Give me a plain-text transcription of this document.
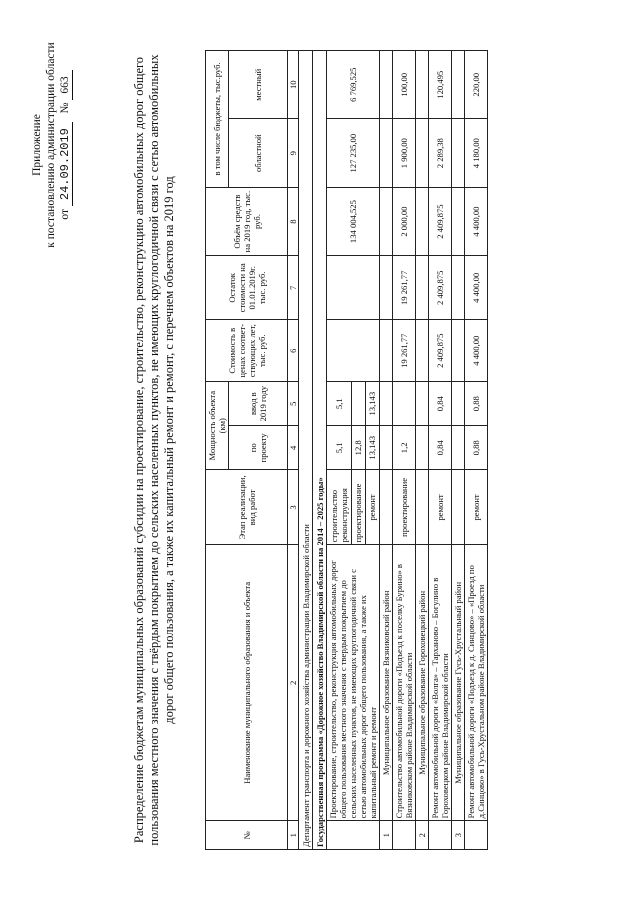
Приложение к постановлению администрации области от 24.09.2019   № 663	Распределение бюджетам муниципальных образований субсидии на проектирование, строительство, реконструкцию автомобильных дорог общего пользования местного значения с твёрдым покрытием до сельских населенных пунктов, не имеющих круглогодичной связи с сетью автомобильных дорог общего пользования, а также их капитальный ремонт и ремонт, с перечнем объектов на 2019 год
№	Наименование муниципального образования и объекта	Этап реализации, вид работ	Мощность объекта (км)		Стоимость в ценах соответ-ствующих лет, тыс. руб.	Остаток стоимости на 01.01.2019г. тыс. руб.	Объём средств на 2019 год, тыс. руб.	в том числе бюджеты, тыс.руб.	
			по проекту	ввод в 2019 году				областной	местный
1	2	3	4	5	6	7	8	9	10
Департамент транспорта и дорожного хозяйства администрации Владимирской области									
Государственная программа «Дорожное хозяйство Владимирской области на 2014 – 2025 годы»									
	Проектирование, строительство, реконструкция автомобильных дорог общего пользования местного значения с твердым покрытием до сельских населенных пунктов, не имеющих круглогодичной связи с сетью автомобильных дорог общего пользования, а также их капитальный ремонт и ремонт	строительство реконструкция	5,1	5,1			134 004,525	127 235,00	6 769,525
		проектирование	12,8						
		ремонт	13,143	13,143					
1	Муниципальное образование Вязниковский район								
	Строительство автомобильной дороги «Подъезд к поселку Бурино» в Вязниковском районе Владимирской области	проектирование	1,2		19 261,77	19 261,77	2 000,00	1 900,00	100,00
2	Муниципальное образование Гороховецкий район								
	Ремонт автомобильной дороги «Волга» – Тарханово – Богулино в Гороховецком районе Владимирской области	ремонт	0,84	0,84	2 409,875	2 409,875	2 409,875	2 289,38	120,495
3	Муниципальное образование Гусь-Хрустальный район								
	Ремонт автомобильной дороги «Подъезд к д. Синцово» – «Проезд по д.Синцово» в Гусь-Хрустальном районе Владимирской области	ремонт	0,88	0,88	4 400,00	4 400,00	4 400,00	4 180,00	220,00
